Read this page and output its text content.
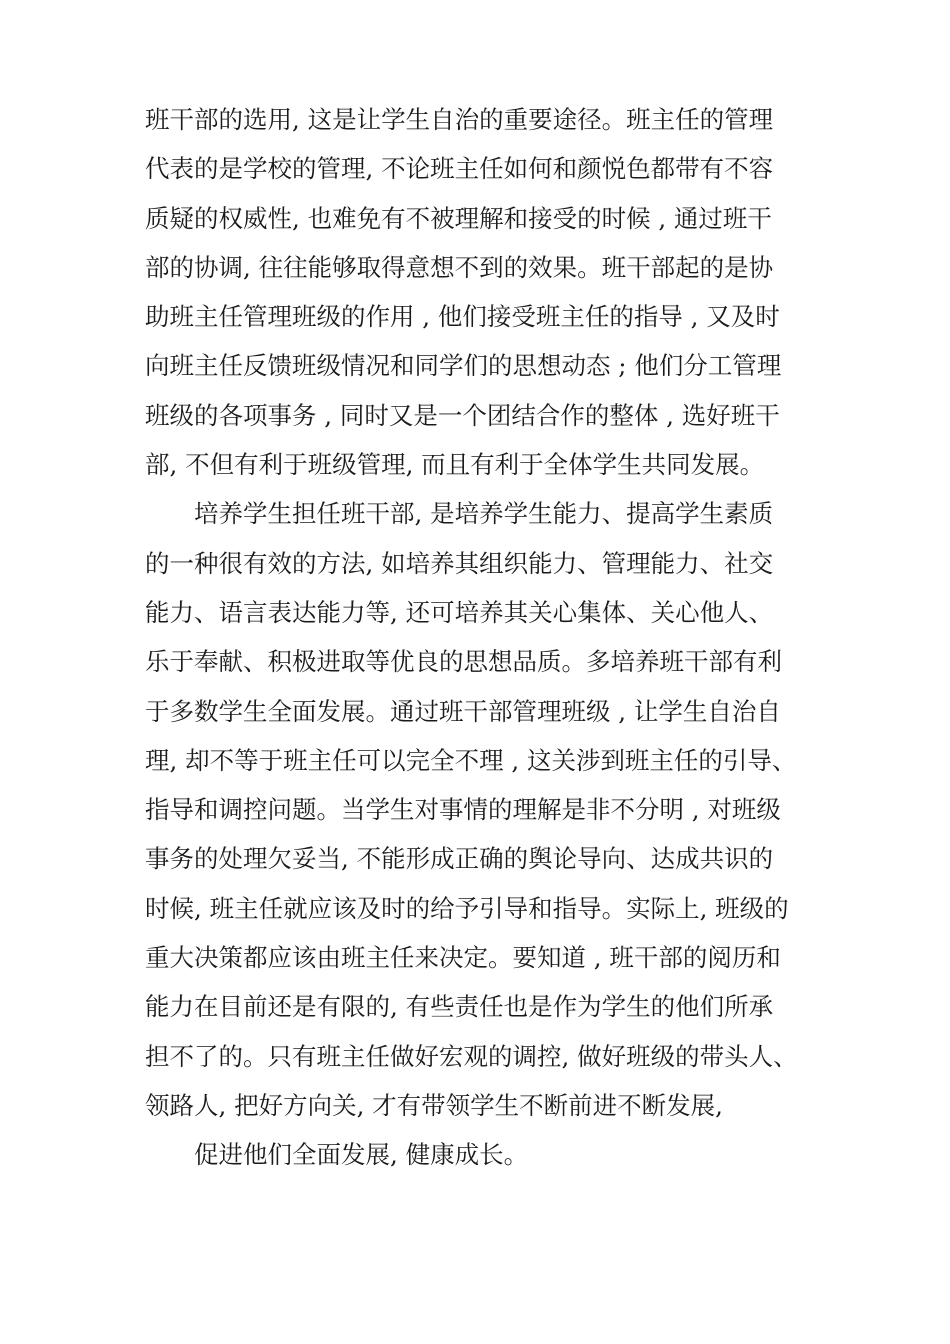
班干部的选用, 这是让学生自治的重要途径。班主任的管理
代表的是学校的管理, 不论班主任如何和颜悦色都带有不容
质疑的权威性, 也难免有不被理解和接受的时候 , 通过班干
部的协调, 往往能够取得意想不到的效果。班干部起的是协
助班主任管理班级的作用 , 他们接受班主任的指导 , 又及时
向班主任反馈班级情况和同学们的思想动态 ; 他们分工管理
班级的各项事务 , 同时又是一个团结合作的整体 , 选好班干
部, 不但有利于班级管理, 而且有利于全体学生共同发展。
培养学生担任班干部, 是培养学生能力、提高学生素质
的一种很有效的方法, 如培养其组织能力、管理能力、社交
能力、语言表达能力等, 还可培养其关心集体、关心他人、
乐于奉献、积极进取等优良的思想品质。多培养班干部有利
于多数学生全面发展。通过班干部管理班级 , 让学生自治自
理, 却不等于班主任可以完全不理 , 这关涉到班主任的引导、
指导和调控问题。当学生对事情的理解是非不分明 , 对班级
事务的处理欠妥当, 不能形成正确的舆论导向、达成共识的
时候, 班主任就应该及时的给予引导和指导。实际上, 班级的
重大决策都应该由班主任来决定。要知道 , 班干部的阅历和
能力在目前还是有限的, 有些责任也是作为学生的他们所承
担不了的。只有班主任做好宏观的调控, 做好班级的带头人、
领路人, 把好方向关, 才有带领学生不断前进不断发展,
促进他们全面发展, 健康成长。
